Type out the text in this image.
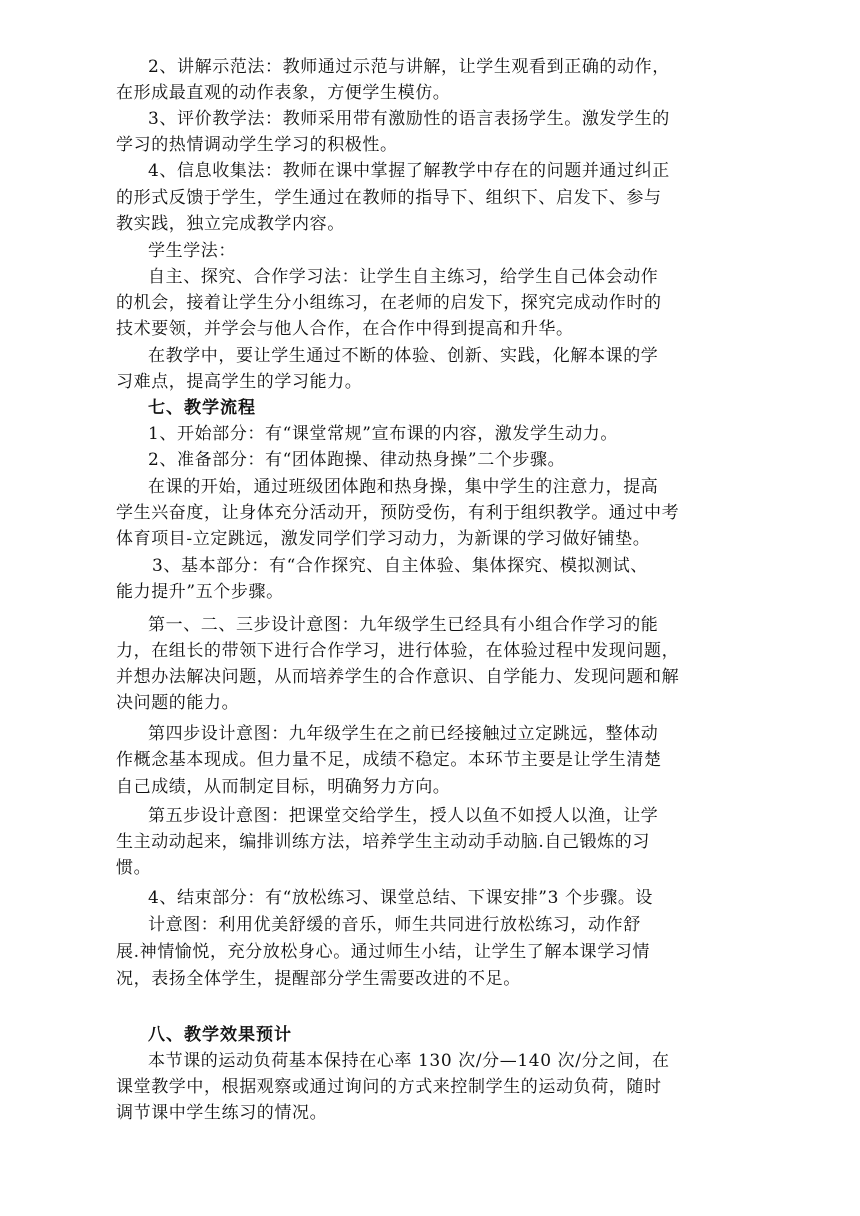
2、讲解示范法：教师通过示范与讲解，让学生观看到正确的动作，
在形成最直观的动作表象，方便学生模仿。
3、评价教学法：教师采用带有激励性的语言表扬学生。激发学生的
学习的热情调动学生学习的积极性。
4、信息收集法：教师在课中掌握了解教学中存在的问题并通过纠正
的形式反馈于学生，学生通过在教师的指导下、组织下、启发下、参与
教实践，独立完成教学内容。
学生学法：
自主、探究、合作学习法：让学生自主练习，给学生自己体会动作
的机会，接着让学生分小组练习，在老师的启发下，探究完成动作时的
技术要领，并学会与他人合作，在合作中得到提高和升华。
在教学中，要让学生通过不断的体验、创新、实践，化解本课的学
习难点，提高学生的学习能力。
七、教学流程
1、开始部分：有“课堂常规”宣布课的内容，激发学生动力。
2、准备部分：有“团体跑操、律动热身操”二个步骤。
在课的开始，通过班级团体跑和热身操，集中学生的注意力，提高
学生兴奋度，让身体充分活动开，预防受伤，有利于组织教学。通过中考
体育项目-立定跳远，激发同学们学习动力，为新课的学习做好铺垫。
3、基本部分：有“合作探究、自主体验、集体探究、模拟测试、
能力提升”五个步骤。
第一、二、三步设计意图：九年级学生已经具有小组合作学习的能
力，在组长的带领下进行合作学习，进行体验，在体验过程中发现问题，
并想办法解决问题，从而培养学生的合作意识、自学能力、发现问题和解
决问题的能力。
第四步设计意图：九年级学生在之前已经接触过立定跳远，整体动
作概念基本现成。但力量不足，成绩不稳定。本环节主要是让学生清楚
自己成绩，从而制定目标，明确努力方向。
第五步设计意图：把课堂交给学生，授人以鱼不如授人以渔，让学
生主动动起来，编排训练方法，培养学生主动动手动脑.自己锻炼的习
惯。
4、结束部分：有“放松练习、课堂总结、下课安排”3 个步骤。设
计意图：利用优美舒缓的音乐，师生共同进行放松练习，动作舒
展.神情愉悦，充分放松身心。通过师生小结，让学生了解本课学习情
况，表扬全体学生，提醒部分学生需要改进的不足。
八、教学效果预计
本节课的运动负荷基本保持在心率 130 次/分—140 次/分之间，在
课堂教学中，根据观察或通过询问的方式来控制学生的运动负荷，随时
调节课中学生练习的情况。
